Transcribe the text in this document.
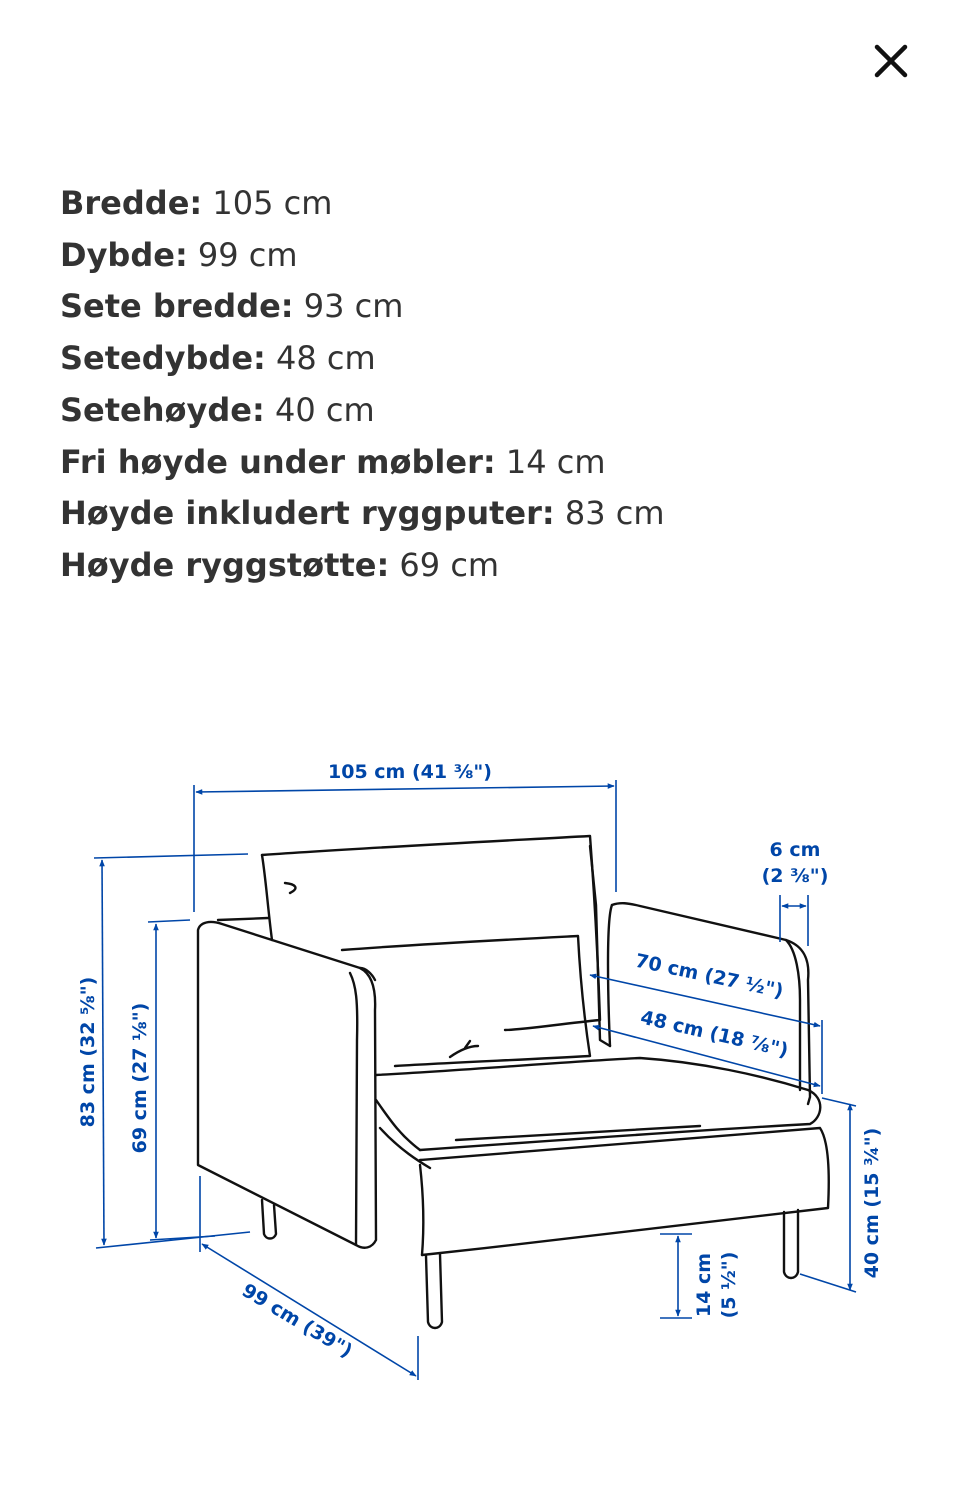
Bredde: 105 cm
Dybde: 99 cm
Sete bredde: 93 cm
Setedybde: 48 cm
Setehøyde: 40 cm
Fri høyde under møbler: 14 cm
Høyde inkludert ryggputer: 83 cm
Høyde ryggstøtte: 69 cm
105 cm (41 ⅜")
6 cm
(2 ⅜")
70 cm (27 ½")
48 cm (18 ⅞")
83 cm (32 ⅝") 69 cm (27 ⅛")
99 cm (39")	14 cm (5 ½")
40 cm (15 ¾")
